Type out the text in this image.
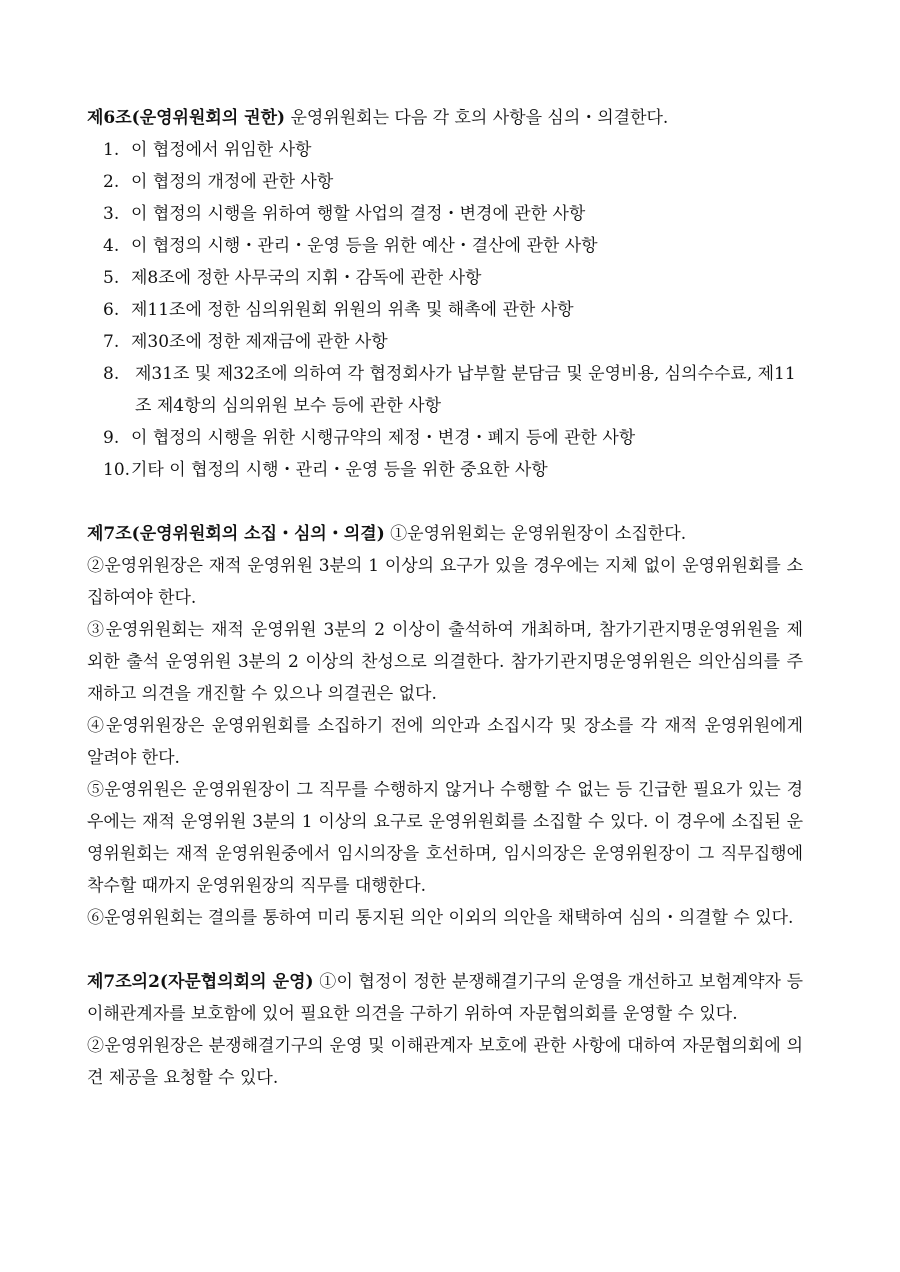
제6조(운영위원회의 권한) 운영위원회는 다음 각 호의 사항을 심의・의결한다.

1. 이 협정에서 위임한 사항
2. 이 협정의 개정에 관한 사항
3. 이 협정의 시행을 위하여 행할 사업의 결정・변경에 관한 사항
4. 이 협정의 시행・관리・운영 등을 위한 예산・결산에 관한 사항
5. 제8조에 정한 사무국의 지휘・감독에 관한 사항
6. 제11조에 정한 심의위원회 위원의 위촉 및 해촉에 관한 사항
7. 제30조에 정한 제재금에 관한 사항
8. 제31조 및 제32조에 의하여 각 협정회사가 납부할 분담금 및 운영비용, 심의수수료, 제11조 제4항의 심의위원 보수 등에 관한 사항
9. 이 협정의 시행을 위한 시행규약의 제정・변경・폐지 등에 관한 사항
10. 기타 이 협정의 시행・관리・운영 등을 위한 중요한 사항

제7조(운영위원회의 소집・심의・의결) ①운영위원회는 운영위원장이 소집한다.

②운영위원장은 재적 운영위원 3분의 1 이상의 요구가 있을 경우에는 지체 없이 운영위원회를 소집하여야 한다.

③운영위원회는 재적 운영위원 3분의 2 이상이 출석하여 개최하며, 참가기관지명운영위원을 제외한 출석 운영위원 3분의 2 이상의 찬성으로 의결한다. 참가기관지명운영위원은 의안심의를 주재하고 의견을 개진할 수 있으나 의결권은 없다.

④운영위원장은 운영위원회를 소집하기 전에 의안과 소집시각 및 장소를 각 재적 운영위원에게 알려야 한다.

⑤운영위원은 운영위원장이 그 직무를 수행하지 않거나 수행할 수 없는 등 긴급한 필요가 있는 경우에는 재적 운영위원 3분의 1 이상의 요구로 운영위원회를 소집할 수 있다. 이 경우에 소집된 운영위원회는 재적 운영위원중에서 임시의장을 호선하며, 임시의장은 운영위원장이 그 직무집행에 착수할 때까지 운영위원장의 직무를 대행한다.

⑥운영위원회는 결의를 통하여 미리 통지된 의안 이외의 의안을 채택하여 심의・의결할 수 있다.

제7조의2(자문협의회의 운영) ①이 협정이 정한 분쟁해결기구의 운영을 개선하고 보험계약자 등 이해관계자를 보호함에 있어 필요한 의견을 구하기 위하여 자문협의회를 운영할 수 있다.

②운영위원장은 분쟁해결기구의 운영 및 이해관계자 보호에 관한 사항에 대하여 자문협의회에 의견 제공을 요청할 수 있다.
